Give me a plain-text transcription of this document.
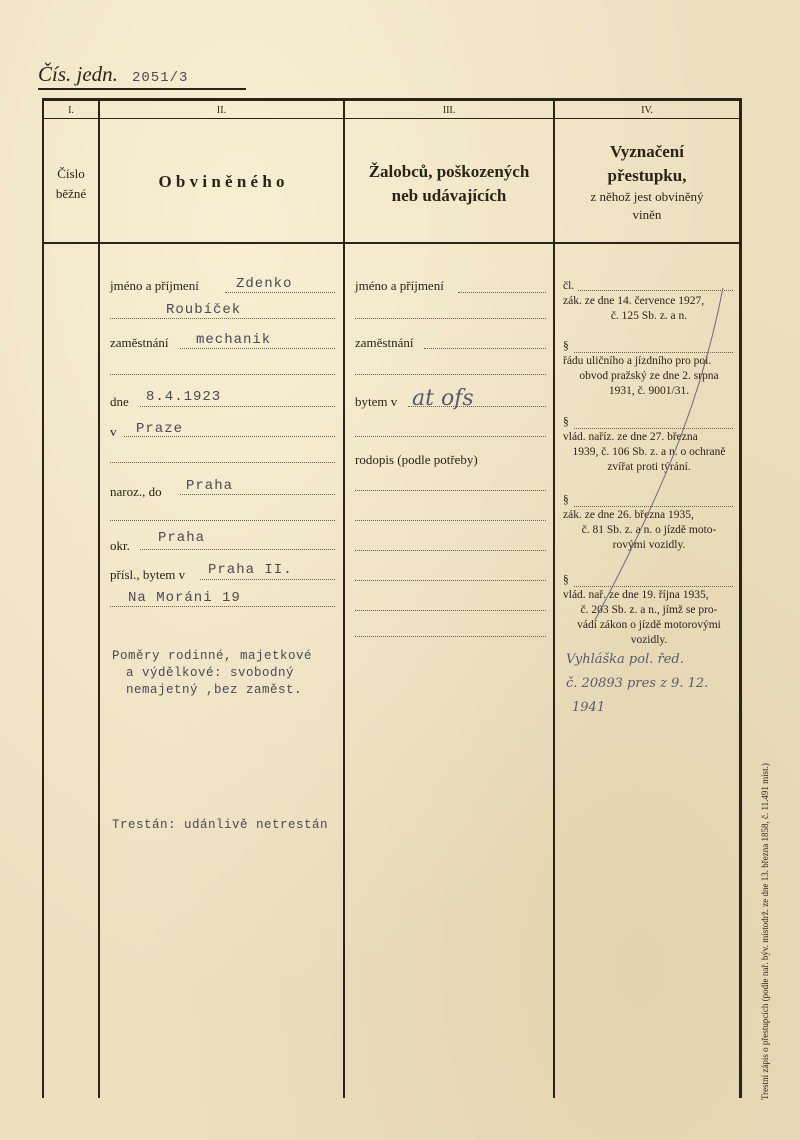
Čís. jedn. 2051/3
I.	II.	III.	IV.
Číslo
běžné
O b v i n ě n é h o
Žalobců, poškozených
neb udávajících
Vyznačení
přestupku,
z něhož jest obviněný
viněn
jméno a příjmení	Zdenko
Roubíček
zaměstnání mechanik
dne 8.4.1923
v Praze
naroz., do Praha
okr. Praha
přísl., bytem v Praha II.
Na Moráni 19
Poměry rodinné, majetkové
a výdělkové: svobodný
nemajetný ,bez zaměst.
Trestán: udánlivě netrestán
jméno a příjmení
zaměstnání
bytem v at ofs
rodopis (podle potřeby)
čl.
zák. ze dne 14. července 1927,
č. 125 Sb. z. a n.
§
řádu uličního a jízdního pro pol.
obvod pražský ze dne 2. srpna
1931, č. 9001/31.
§
vlád. naříz. ze dne 27. března
1939, č. 106 Sb. z. a n. o ochraně
zvířat proti týrání.
§
zák. ze dne 26. března 1935,
č. 81 Sb. z. a n. o jízdě moto-
rovými vozidly.
§
vlád. nař. ze dne 19. října 1935,
č. 203 Sb. z. a n., jímž se pro-
vádí zákon o jízdě motorovými
vozidly.
Vyhláška pol. řed.
č. 20893 pres z 9. 12.
1941
Trestní zápis o přestupcích (podle nař. býv. místodrž. ze dne 13. března 1858, č. 11.491 míst.)
